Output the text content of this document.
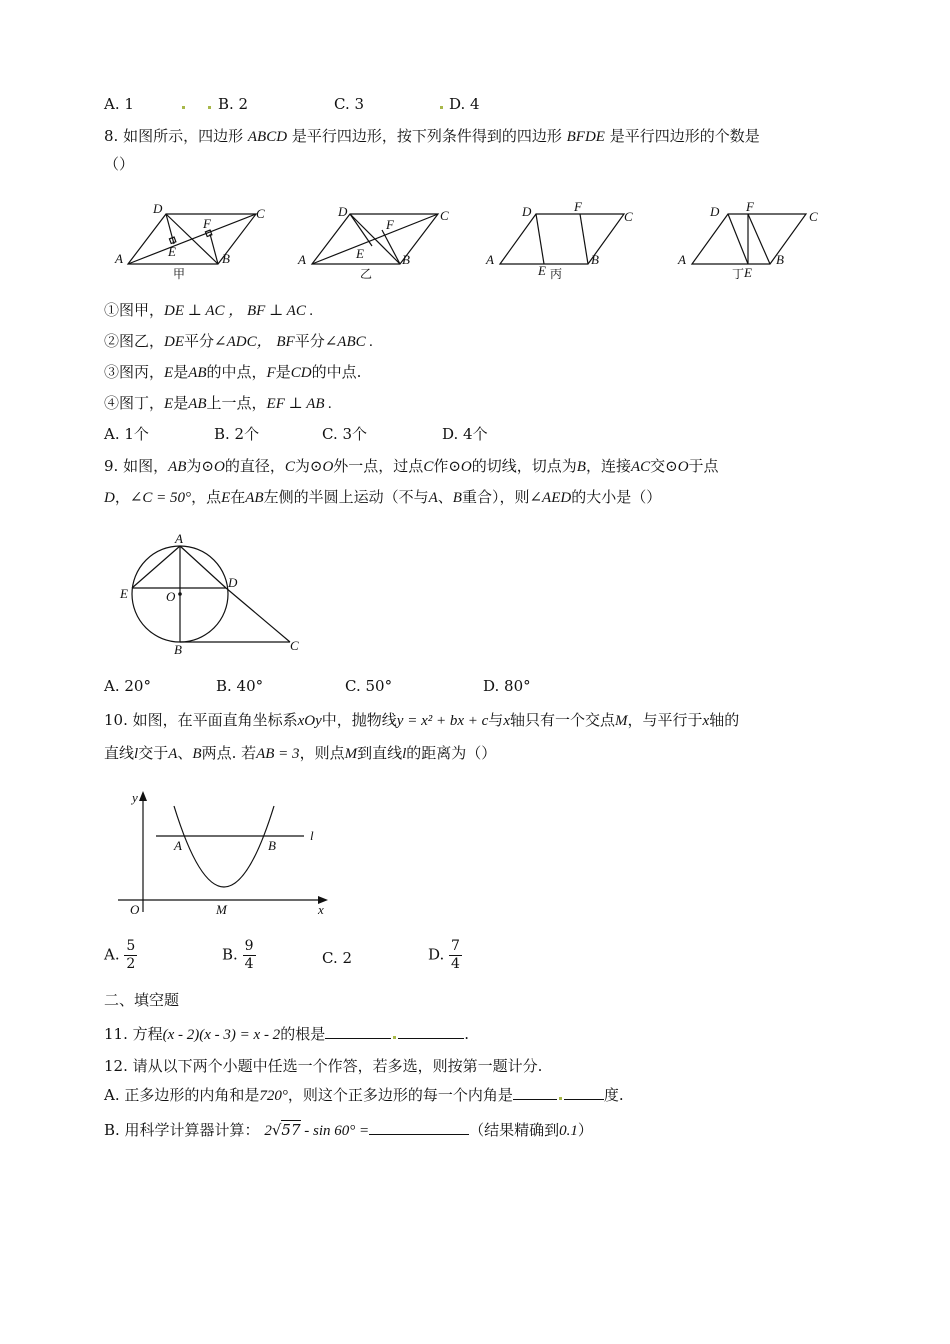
A. 1	B. 2	C. 3	D. 4
8. 如图所示，四边形 ABCD 是平行四边形，按下列条件得到的四边形 BFDE 是平行四边形的个数是
（）
A
D	C
B
E
F
甲
A
D	C
B
E
F
乙
A
D	F
C
B
E 丙
A
D F
C
B
E
丁
①图甲，DE ⊥ AC ， BF ⊥ AC .
②图乙，DE平分∠ADC， BF平分∠ABC .
③图丙，E是AB的中点，F是CD的中点.
④图丁，E是AB上一点，EF ⊥ AB .
A. 1个	B. 2个	C. 3个	D. 4个
9. 如图，AB为⊙O的直径，C为⊙O外一点，过点C作⊙O的切线，切点为B，连接AC交⊙O于点
D，∠C = 50°，点E在AB左侧的半圆上运动（不与A、B重合），则∠AED的大小是（）
A
E	O
D
B	C
A. 20°	B. 40°	C. 50°	D. 80°
10. 如图，在平面直角坐标系xOy中，抛物线y = x² + bx + c与x轴只有一个交点M，与平行于x轴的
直线l交于A、B两点. 若AB = 3，则点M到直线l的距离为（）
y
l
A	B
O	M	x
A. $\frac{5}{2}$	B. $\frac{9}{4}$	C. 2	D. $\frac{7}{4}$
二、填空题
11. 方程(x - 2)(x - 3) = x - 2的根是	.
12. 请从以下两个小题中任选一个作答，若多选，则按第一题计分.
A. 正多边形的内角和是720°，则这个正多边形的每一个内角是	度.
B. 用科学计算器计算： 2√57 - sin 60° =	（结果精确到0.1）
